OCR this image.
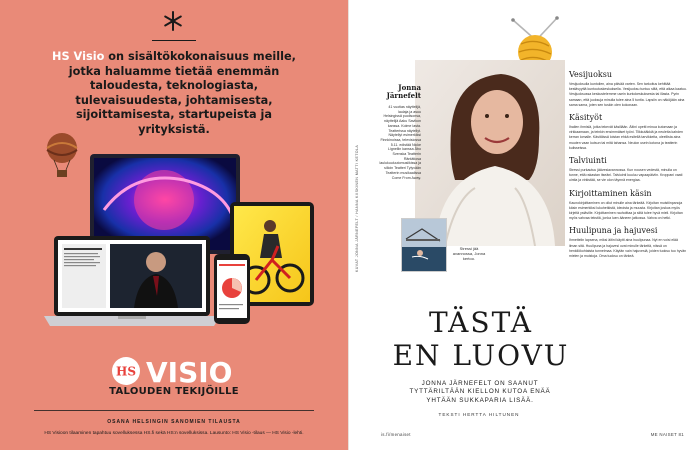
HS Visio on sisältökokonaisuus meille, jotka haluamme tietää enemmän taloudesta, teknologiasta, tulevaisuudesta, johtamisesta, sijoittamisesta, startupeista ja yrityksistä.
HS VISIO
TALOUDEN TEKIJÖILLE
OSANA HELSINGIN SANOMIEN TILAUSTA
HS Visioon tilaaminen tapahtuu sovelluksessa HS.fi sekä HS:n sovelluksissa. Lausunto: HS Visio -tilaus — HS Visio -lehti.
Jonna Järnefelt
41 vuotias näyttelijä, laulaja ja asuu Helsingissä puolisonsa, näyttelijä Aaku Savikon kanssa. Kolme lasta. Teatterissa näytellyt. Näytellyt esimerkiksi Finnkinoissa, televisiossa 5.11. edistää Nicke Lignellin kanssa Åbo Svenska Teatterin Räntätiosa laulukuuluutomusiikissa ja silloin Teatteri Tylyvään Teatterin musikaalissa Come From Away.
Stressi jää avannossa, Jonna kertoo.
KUVAT JONNA JÄRNEFELT / HANNA KIISKINEN MATTI KETOLA
TÄSTÄ
EN LUOVU
JONNA JÄRNEFELT ON SAANUT TYTTÄRILTÄÄN KIELLON KUTOA ENÄÄ YHTÄÄN SUKKAPARIA LISÄÄ.
TEKSTI HERTTA HILTUNEN
Vesijuoksu

Vesijuoksulla kuntoilen, aina päivää varten. Sen tarkoitus kehittää kestävyyttä kuntoutuskeskuksella. Vesijuoksu tuntuu siltä, että aikaa kaatuu. Vesijuoksussa keskustelemme usein kuntokeskuksesta tai illasta. Pyrin samaan, että juoksuja minulla tulee aina 5 tuntia. Lapsiin on näköjään aina sama sama, joten sen tuskin olen kokonaan.

Käsityöt

Ihailen ihmisiä, jotka tekevät käsillään. Äitini opetti minua kutomaan ja virkkaamaan, ja teinkin ensimmäiset työni. Tilkkutäkkiä ja neuleita kahden kerran lomalle. Käsitöissä loistan ehkä esitellä tarvikkeita, oleellista aina muuten vaan kutsun tai mitä tahansa. Neulon usein kotona ja teatterin kulisseissa.

Talviuinti

Stressi purkautuu jäävesiavannossa. Kun nousen vedestä, minulla on tunne, että rakastan itseäni. Talviuinti kuuluu vapaapäiviin. Kroppani vaati uintia ja virkistää, se vie olon täynnä energiaa.

Kirjoittaminen käsin

Kaunokirjoittaminen on ollut minulle aina tärkeää. Kirjoitan muistiinpanoja käsin esimerkiksi lukuhetkistä, ideoista ja muusta. Kirjoitan joskus myös kirjeitä ystäville. Kirjoittaminen rauhoittaa ja siitä tulee hyvä mieli. Kirjoitan myös vahvaa tekstiä, jonka luen ääneen jatkossa. Vahva on hetki.

Huulipuna ja hajuvesi

Ihmettelin lapsena, miksi äitini käytti aina huulipunaa. Nyt en voisi elää ilman sitä. Huulipuna ja hajuvesi ovat minulle tärkeitä, niissä on henkilökohtaista tunnelmaa. Käytän vain hajuvesiä, joiden tuoksu tuo hyvän mielen ja muistoja. Oma tuoksu on tärkeä.

is.fi/menaiset	ME NAISET 81
